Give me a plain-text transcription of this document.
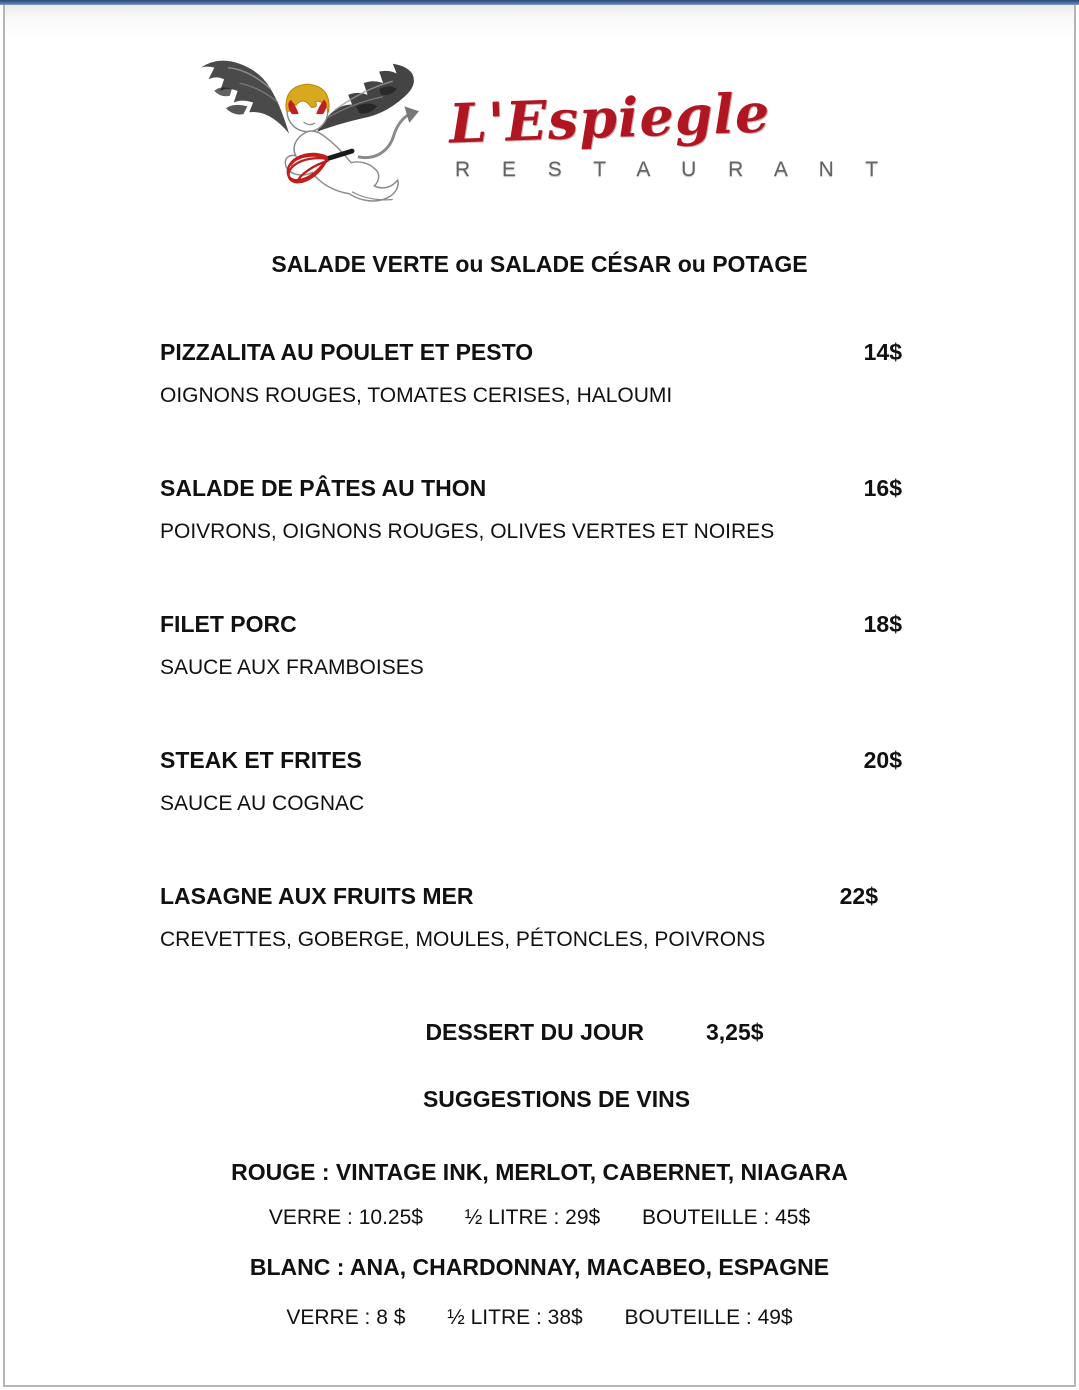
L'Espiegle
R E S T A U R A N T
SALADE VERTE ou SALADE CÉSAR ou POTAGE
PIZZALITA AU POULET ET PESTO	14$
OIGNONS ROUGES, TOMATES CERISES, HALOUMI
SALADE DE PÂTES AU THON	16$
POIVRONS, OIGNONS ROUGES, OLIVES VERTES ET NOIRES
FILET PORC	18$
SAUCE AUX FRAMBOISES
STEAK ET FRITES	20$
SAUCE AU COGNAC
LASAGNE AUX FRUITS MER	22$
CREVETTES, GOBERGE, MOULES, PÉTONCLES, POIVRONS
DESSERT DU JOUR	3,25$
SUGGESTIONS DE VINS
ROUGE : VINTAGE INK, MERLOT, CABERNET, NIAGARA
VERRE : 10.25$ ½ LITRE : 29$ BOUTEILLE : 45$
BLANC : ANA, CHARDONNAY, MACABEO, ESPAGNE
VERRE : 8 $ ½ LITRE : 38$ BOUTEILLE : 49$
